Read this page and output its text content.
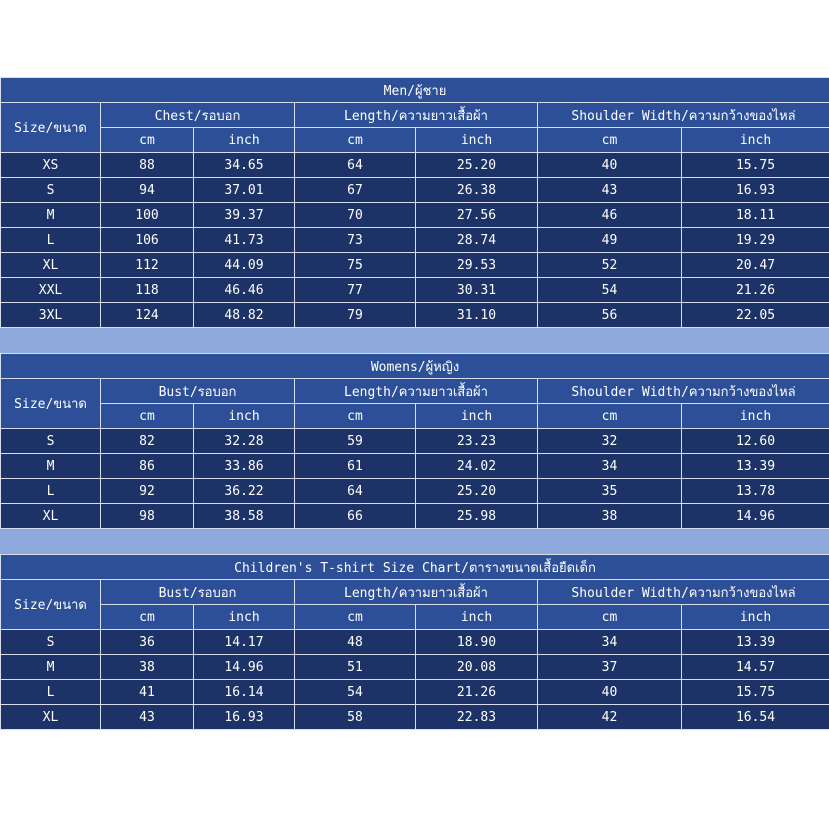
Men/ผู้ชาย						
Size/ขนาด	Chest/รอบอก		Length/ความยาวเสื้อผ้า		Shoulder Width/ความกว้างของไหล่	
	cm	inch	cm	inch	cm	inch
XS	88	34.65	64	25.20	40	15.75
S	94	37.01	67	26.38	43	16.93
M	100	39.37	70	27.56	46	18.11
L	106	41.73	73	28.74	49	19.29
XL	112	44.09	75	29.53	52	20.47
XXL	118	46.46	77	30.31	54	21.26
3XL	124	48.82	79	31.10	56	22.05
Womens/ผู้หญิง						
Size/ขนาด	Bust/รอบอก		Length/ความยาวเสื้อผ้า		Shoulder Width/ความกว้างของไหล่	
	cm	inch	cm	inch	cm	inch
S	82	32.28	59	23.23	32	12.60
M	86	33.86	61	24.02	34	13.39
L	92	36.22	64	25.20	35	13.78
XL	98	38.58	66	25.98	38	14.96
Children's T-shirt Size Chart/ตารางขนาดเสื้อยืดเด็ก						
Size/ขนาด	Bust/รอบอก		Length/ความยาวเสื้อผ้า		Shoulder Width/ความกว้างของไหล่	
	cm	inch	cm	inch	cm	inch
S	36	14.17	48	18.90	34	13.39
M	38	14.96	51	20.08	37	14.57
L	41	16.14	54	21.26	40	15.75
XL	43	16.93	58	22.83	42	16.54
